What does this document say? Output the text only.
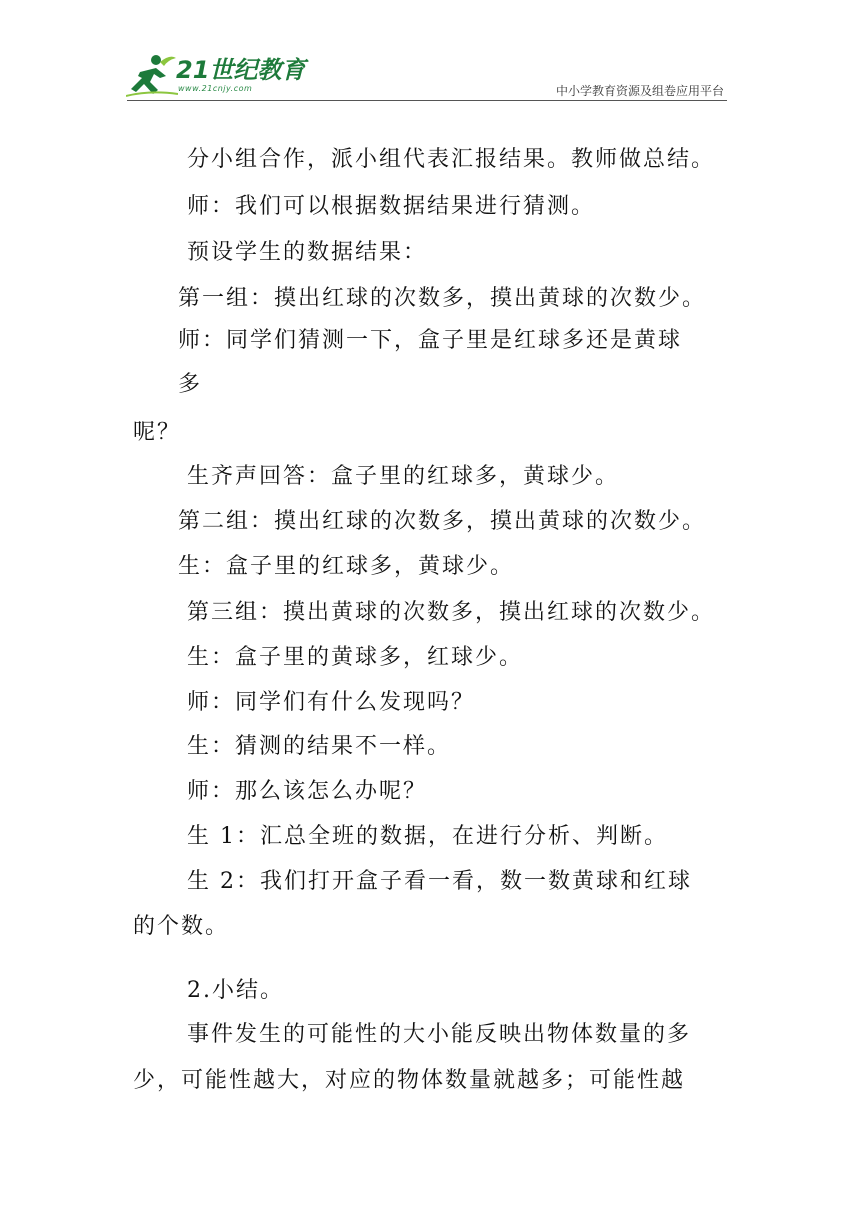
21世纪教育
www.21cnjy.com	中小学教育资源及组卷应用平台
分小组合作，派小组代表汇报结果。教师做总结。
师：我们可以根据数据结果进行猜测。
预设学生的数据结果：
第一组：摸出红球的次数多，摸出黄球的次数少。
师：同学们猜测一下，盒子里是红球多还是黄球
多
呢？
生齐声回答：盒子里的红球多，黄球少。
第二组：摸出红球的次数多，摸出黄球的次数少。
生：盒子里的红球多，黄球少。
第三组：摸出黄球的次数多，摸出红球的次数少。
生：盒子里的黄球多，红球少。
师：同学们有什么发现吗？
生：猜测的结果不一样。
师：那么该怎么办呢？
生 1：汇总全班的数据，在进行分析、判断。
生 2：我们打开盒子看一看，数一数黄球和红球
的个数。
2.小结。
事件发生的可能性的大小能反映出物体数量的多
少，可能性越大，对应的物体数量就越多；可能性越
